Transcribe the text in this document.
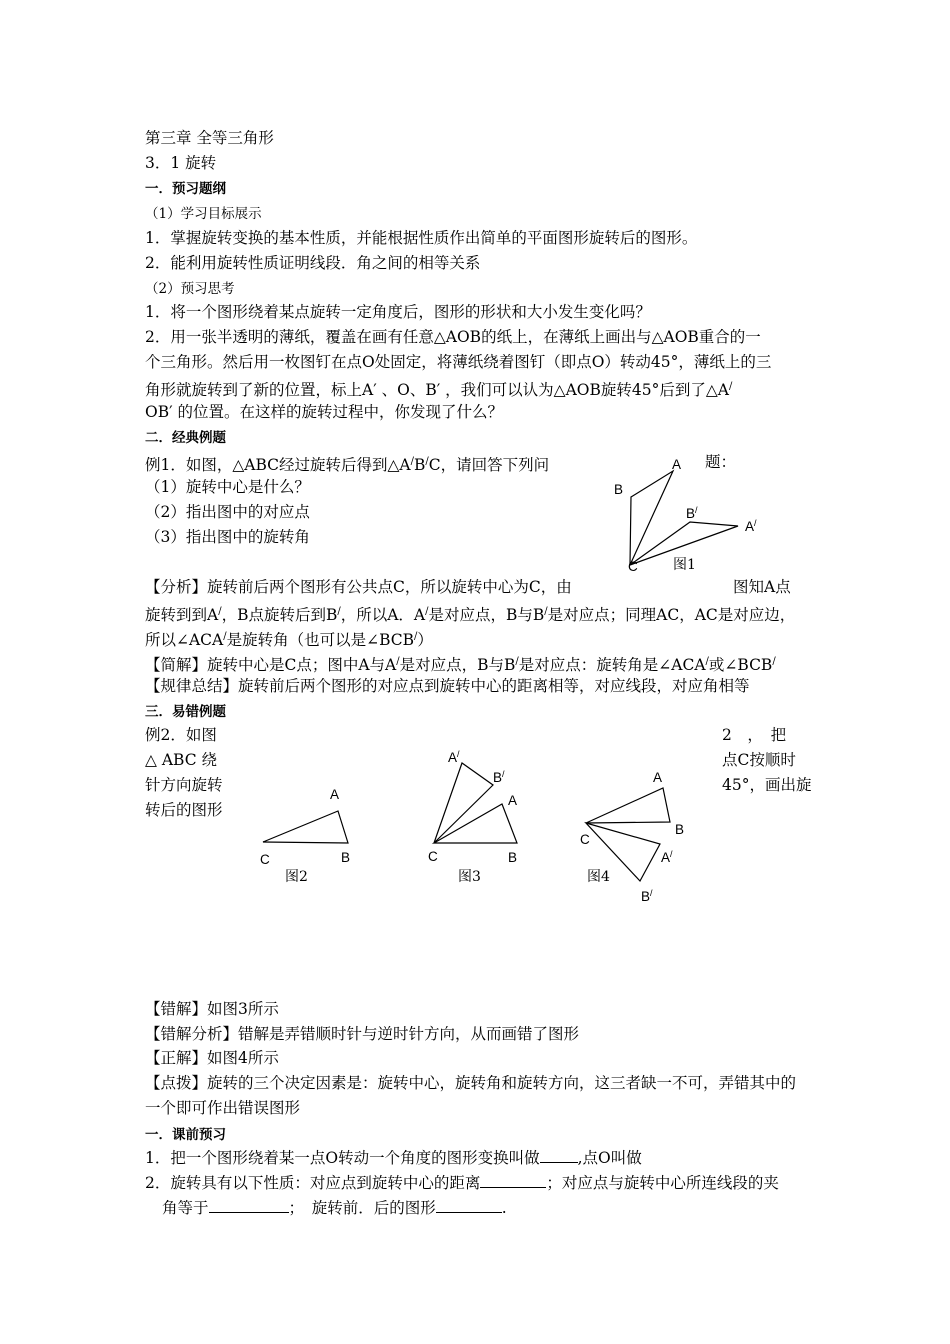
第三章 全等三角形
3．1 旋转
一．预习题纲
（1）学习目标展示
1．掌握旋转变换的基本性质，并能根据性质作出简单的平面图形旋转后的图形。
2．能利用旋转性质证明线段．角之间的相等关系
（2）预习思考
1．将一个图形绕着某点旋转一定角度后，图形的形状和大小发生变化吗？
2．用一张半透明的薄纸，覆盖在画有任意△AOB的纸上，在薄纸上画出与△AOB重合的一
个三角形。然后用一枚图钉在点O处固定，将薄纸绕着图钉（即点O）转动45°，薄纸上的三
角形就旋转到了新的位置，标上A′ 、O、B′ ，我们可以认为△AOB旋转45°后到了△A/
OB′ 的位置。在这样的旋转过程中，你发现了什么？
二．经典例题
例1．如图，△ABC经过旋转后得到△A/B/C，请回答下列问	题：
（1）旋转中心是什么？
（2）指出图中的对应点
（3）指出图中的旋转角
A
B
C
B/
A/
图1
【分析】旋转前后两个图形有公共点C，所以旋转中心为C，由	图知A点
旋转到到A/，B点旋转后到B/，所以A．A/是对应点，B与B/是对应点；同理AC，AC是对应边，
所以∠ACA/是旋转角（也可以是∠BCB/）
【简解】旋转中心是C点；图中A与A/是对应点，B与B/是对应点：旋转角是∠ACA/或∠BCB/
【规律总结】旋转前后两个图形的对应点到旋转中心的距离相等，对应线段，对应角相等
三．易错例题
例2．如图	2　，　把
△ ABC 绕	点C按顺时
针方向旋转	45°，画出旋
转后的图形
A
C	B
图2
A/
B/
A
C	B
图3
A
B
C
A/
B/
图4
【错解】如图3所示
【错解分析】错解是弄错顺时针与逆时针方向，从而画错了图形
【正解】如图4所示
【点拨】旋转的三个决定因素是：旋转中心，旋转角和旋转方向，这三者缺一不可，弄错其中的
一个即可作出错误图形
一．课前预习
1．把一个图形绕着某一点O转动一个角度的图形变换叫做 ,点O叫做
2．旋转具有以下性质：对应点到旋转中心的距离	；对应点与旋转中心所连线段的夹
角等于	；　旋转前．后的图形	.
